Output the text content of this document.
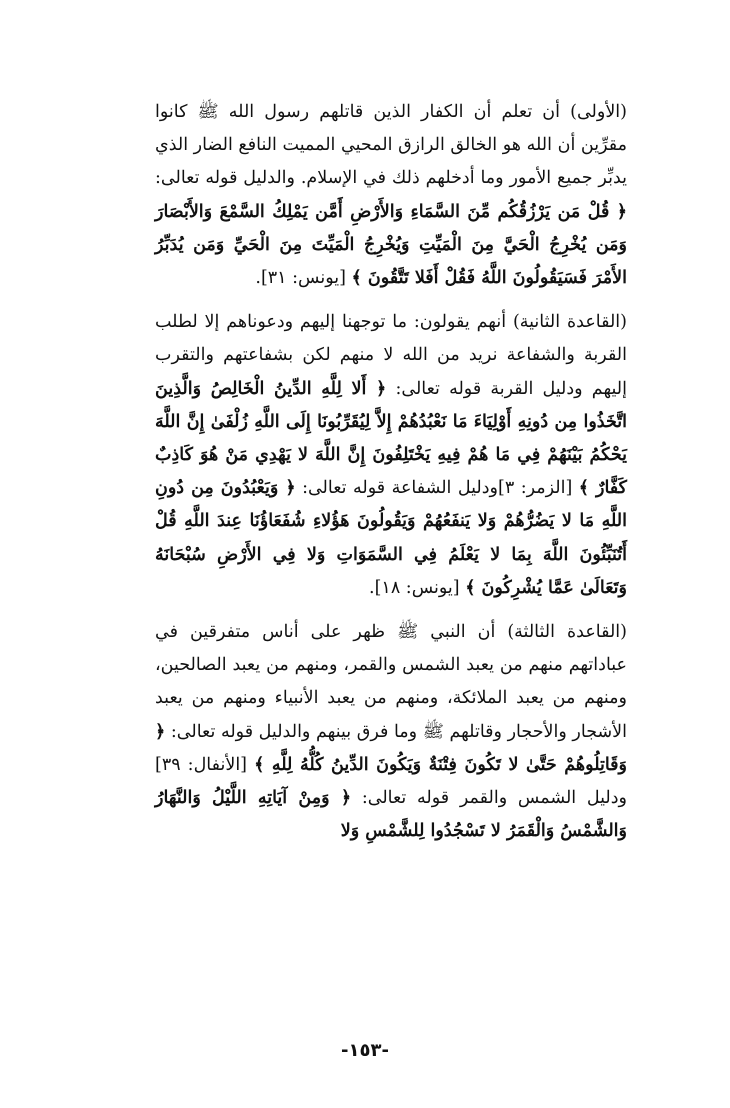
(الأولى) أن تعلم أن الكفار الذين قاتلهم رسول الله ﷺ كانوا مقرِّين أن الله هو الخالق الرازق المحيي المميت النافع الضار الذي يدبِّر جميع الأمور وما أدخلهم ذلك في الإسلام. والدليل قوله تعالى: ﴿ قُلْ مَن يَرْزُقُكُم مِّنَ السَّمَاءِ وَالأَرْضِ أَمَّن يَمْلِكُ السَّمْعَ وَالأَبْصَارَ وَمَن يُخْرِجُ الْحَيَّ مِنَ الْمَيِّتِ وَيُخْرِجُ الْمَيِّتَ مِنَ الْحَيِّ وَمَن يُدَبِّرُ الأَمْرَ فَسَيَقُولُونَ اللَّهُ فَقُلْ أَفَلا تَتَّقُونَ ﴾ [يونس: ٣١].

(القاعدة الثانية) أنهم يقولون: ما توجهنا إليهم ودعوناهم إلا لطلب القربة والشفاعة نريد من الله لا منهم لكن بشفاعتهم والتقرب إليهم ودليل القربة قوله تعالى: ﴿ أَلا لِلَّهِ الدِّينُ الْخَالِصُ وَالَّذِينَ اتَّخَذُوا مِن دُونِهِ أَوْلِيَاءَ مَا نَعْبُدُهُمْ إِلاَّ لِيُقَرِّبُونَا إِلَى اللَّهِ زُلْفَىٰ إِنَّ اللَّهَ يَحْكُمُ بَيْنَهُمْ فِي مَا هُمْ فِيهِ يَخْتَلِفُونَ إِنَّ اللَّهَ لا يَهْدِي مَنْ هُوَ كَاذِبٌ كَفَّارٌ ﴾ [الزمر: ٣]ودليل الشفاعة قوله تعالى: ﴿ وَيَعْبُدُونَ مِن دُونِ اللَّهِ مَا لا يَضُرُّهُمْ وَلا يَنفَعُهُمْ وَيَقُولُونَ هَؤُلاءِ شُفَعَاؤُنَا عِندَ اللَّهِ قُلْ أَتُنَبِّئُونَ اللَّهَ بِمَا لا يَعْلَمُ فِي السَّمَوَاتِ وَلا فِي الأَرْضِ سُبْحَانَهُ وَتَعَالَىٰ عَمَّا يُشْرِكُونَ ﴾ [يونس: ١٨].

(القاعدة الثالثة) أن النبي ﷺ ظهر على أناس متفرقين في عباداتهم منهم من يعبد الشمس والقمر، ومنهم من يعبد الصالحين، ومنهم من يعبد الملائكة، ومنهم من يعبد الأنبياء ومنهم من يعبد الأشجار والأحجار وقاتلهم ﷺ وما فرق بينهم والدليل قوله تعالى: ﴿ وَقَاتِلُوهُمْ حَتَّىٰ لا تَكُونَ فِتْنَةٌ وَيَكُونَ الدِّينُ كُلُّهُ لِلَّهِ ﴾ [الأنفال: ٣٩] ودليل الشمس والقمر قوله تعالى: ﴿ وَمِنْ آيَاتِهِ اللَّيْلُ وَالنَّهَارُ وَالشَّمْسُ وَالْقَمَرُ لا تَسْجُدُوا لِلشَّمْسِ وَلا

-١٥٣-
